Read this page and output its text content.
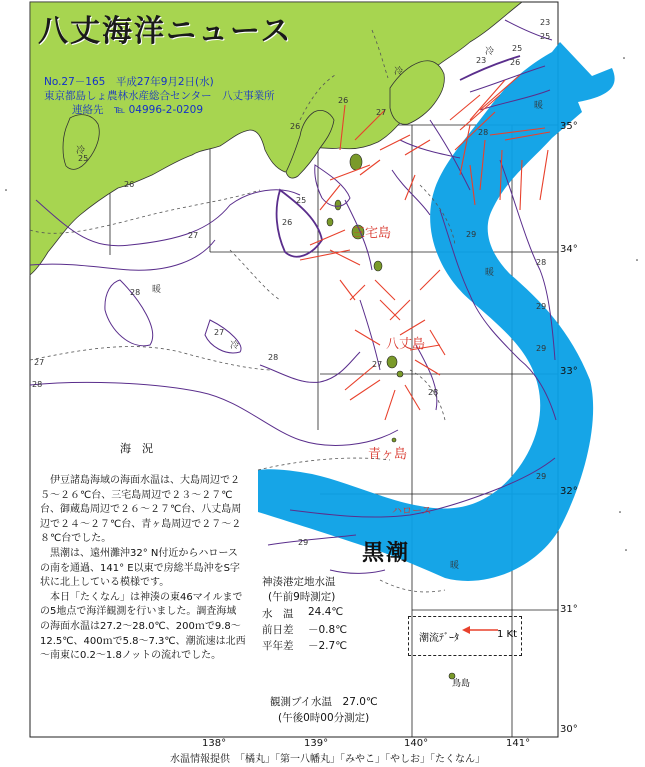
八丈海洋ニュース
No.27－165　平成27年9月2日(水)
東京都島しょ農林水産総合センター　八丈事業所
連絡先　℡ 04996-2-0209
35°
34°
33°
32°
31°
30°
138°	139°	140°	141°
三宅島
八丈島
青ヶ島
ハロース
鳥島
暖
冷
冷
冷
冷
暖
暖
暖
25
26
27
28
27
27
28
28
25
26
26
26
27
23	26
25
25
23
28
29
28
29
29
28
27
29
29 黒潮
海　況

伊豆諸島海域の海面水温は、大島周辺で２５～２６℃台、三宅島周辺で２３～２７℃台、御蔵島周辺で２６～２７℃台、八丈島周辺で２４～２７℃台、青ヶ島周辺で２７～２８℃台でした。

黒潮は、遠州灘沖32° N付近からハロースの南を通過、141° E以東で房総半島沖をS字状に北上している模様です。

本日「たくなん」は神湊の東46マイルまでの5地点で海洋観測を行いました。調査海域の海面水温は27.2～28.0℃、200ｍで9.8～12.5℃、400ｍで5.8～7.3℃、潮流速は北西～南東に0.2～1.8ノットの流れでした。

神湊港定地水温
(午前9時測定)
水　温 24.4℃
前日差 －0.8℃
平年差 －2.7℃
観測ブイ水温　27.0℃
(午後0時00分測定)
潮流ﾃﾞｰﾀ	1 Kt
水温情報提供　「橘丸」「第一八幡丸」「みやこ」「やしお」「たくなん」
